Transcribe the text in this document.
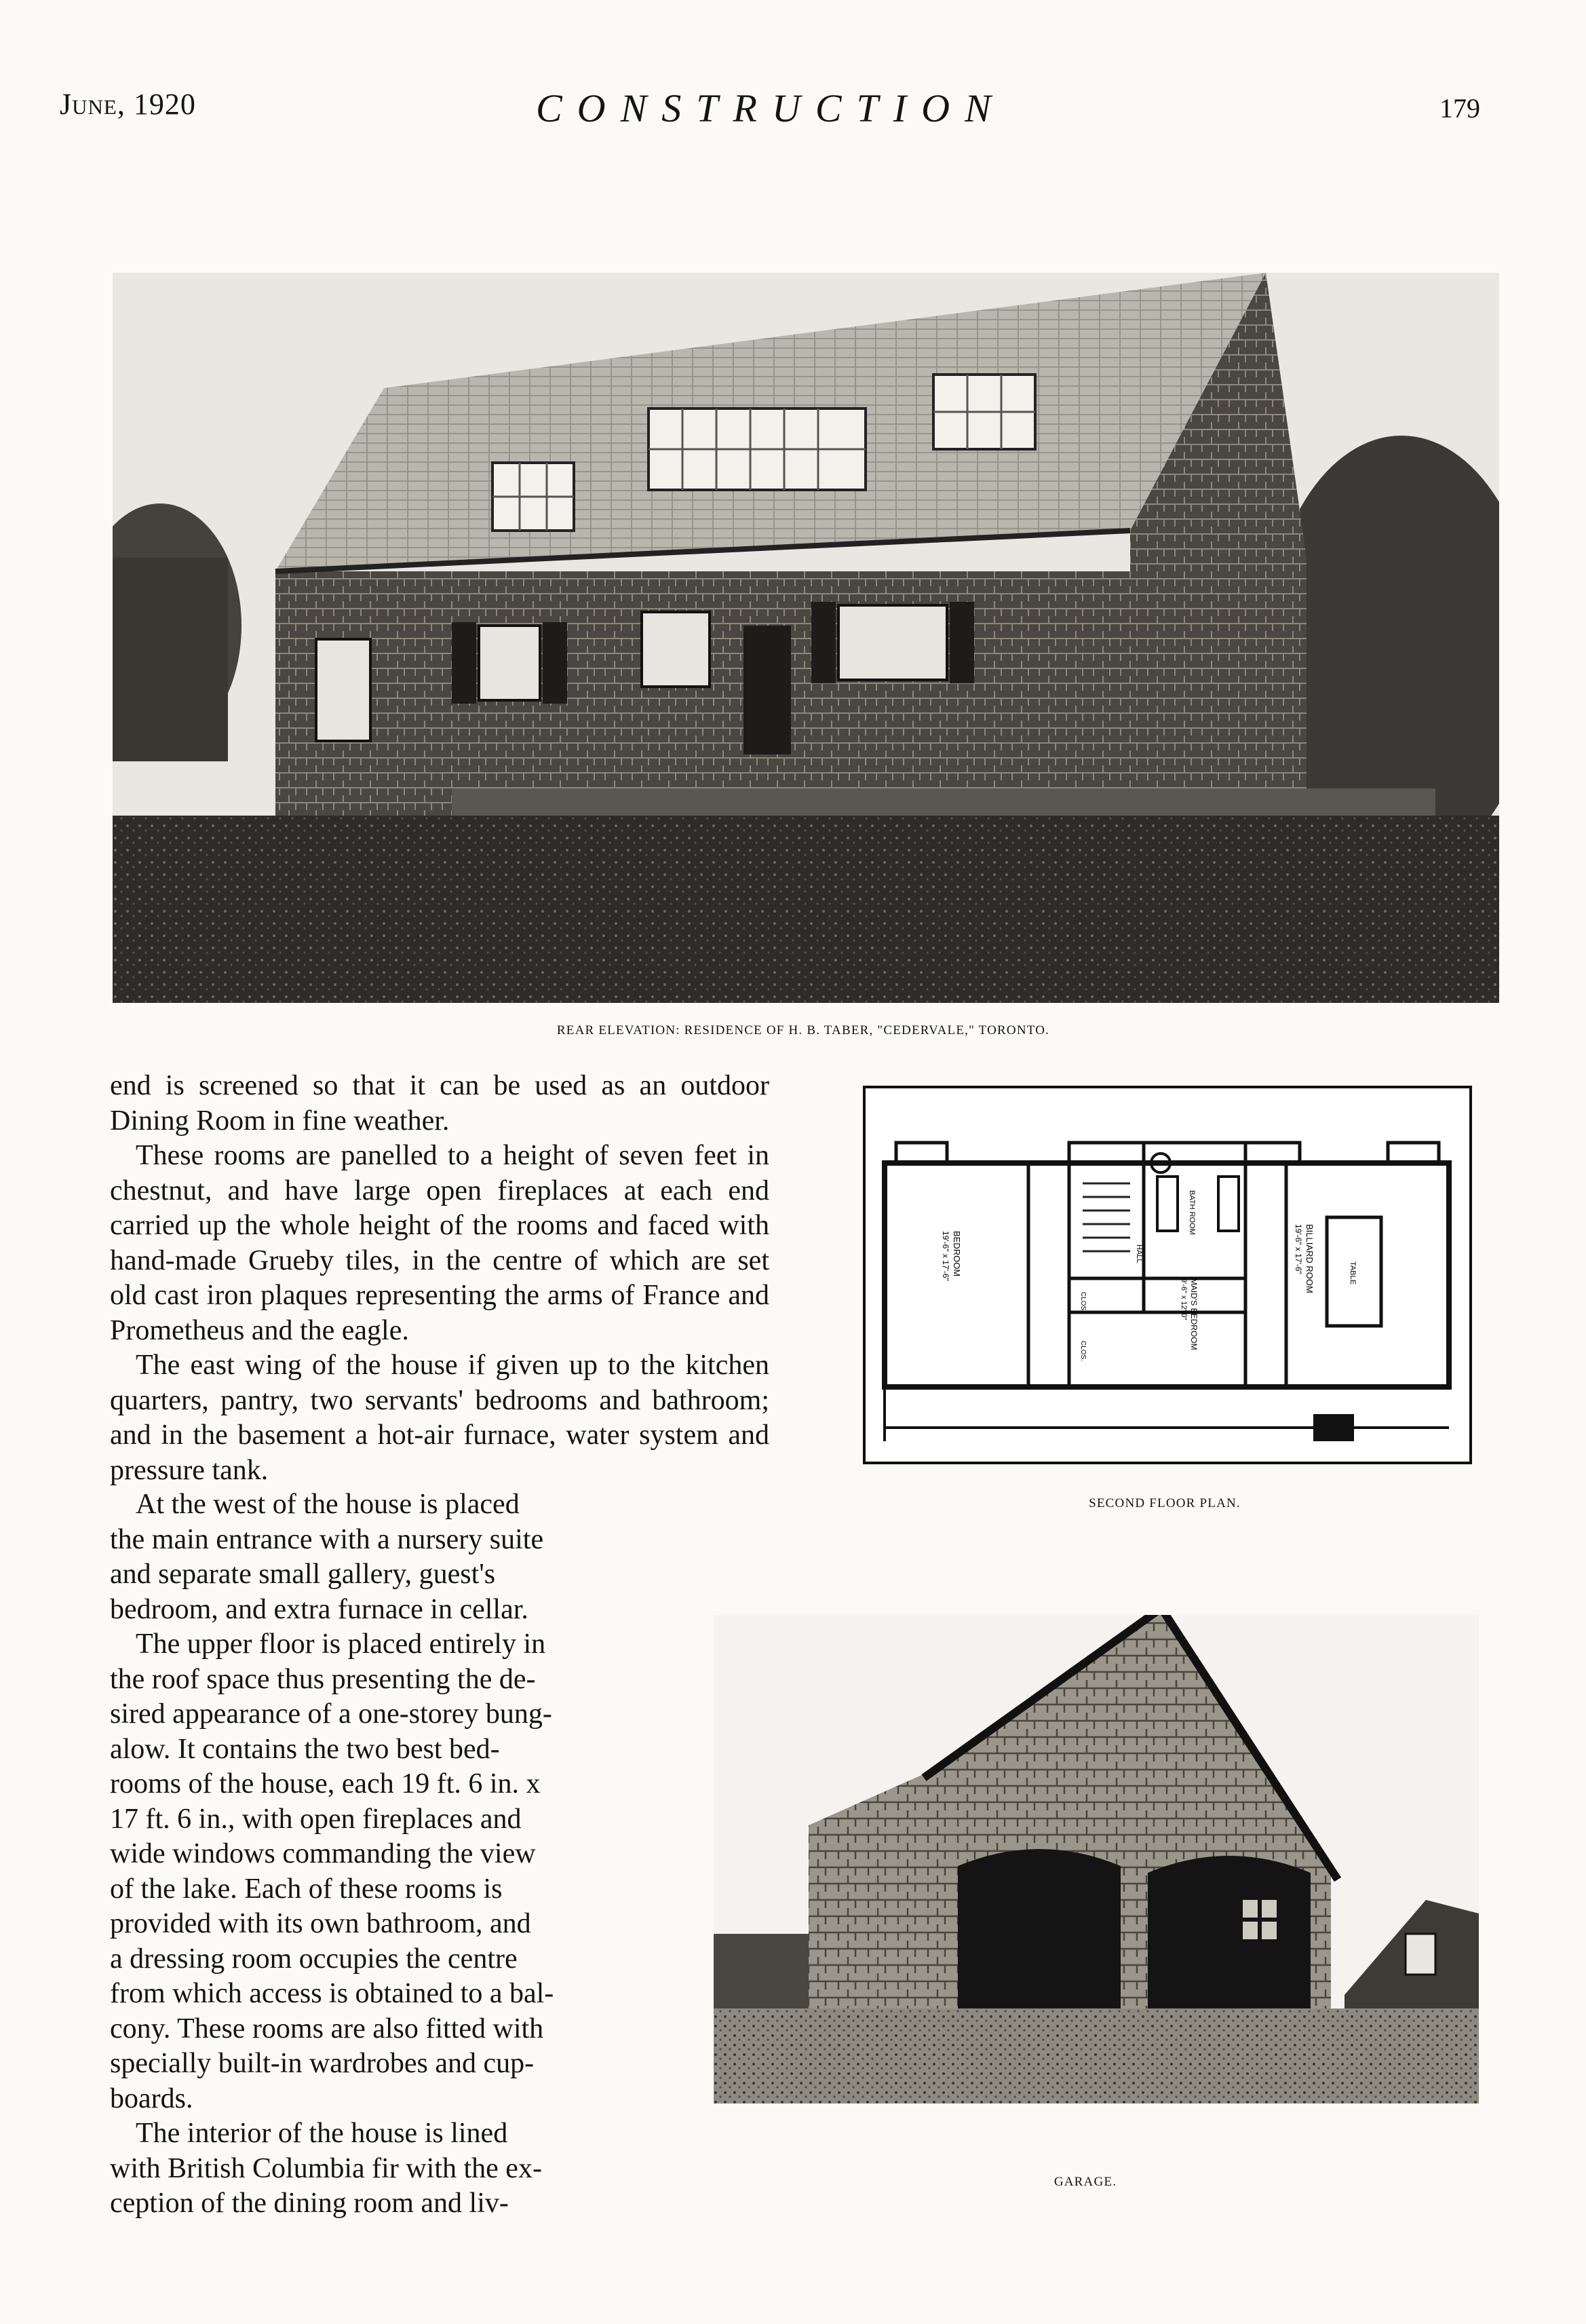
June, 1920	CONSTRUCTION	179
REAR ELEVATION: RESIDENCE OF H. B. TABER, "CEDERVALE," TORONTO.

end is screened so that it can be used as an outdoor Dining Room in fine weather.

These rooms are panelled to a height of seven feet in chestnut, and have large open fireplaces at each end carried up the whole height of the rooms and faced with hand-made Grueby tiles, in the centre of which are set old cast iron plaques representing the arms of France and Prometheus and the eagle.

The east wing of the house if given up to the kitchen quarters, pantry, two servants' bedrooms and bathroom; and in the basement a hot-air furnace, water system and pressure tank.

At the west of the house is placed
the main entrance with a nursery suite
and separate small gallery, guest's
bedroom, and extra furnace in cellar.
The upper floor is placed entirely in
the roof space thus presenting the de-
sired appearance of a one-storey bung-
alow. It contains the two best bed-
rooms of the house, each 19 ft. 6 in. x
17 ft. 6 in., with open fireplaces and
wide windows commanding the view
of the lake. Each of these rooms is
provided with its own bathroom, and
a dressing room occupies the centre
from which access is obtained to a bal-
cony. These rooms are also fitted with
specially built-in wardrobes and cup-
boards.
The interior of the house is lined
with British Columbia fir with the ex-
ception of the dining room and liv-
BEDROOM
19'-6" x 17'-6"
MAID'S BEDROOM
9'-6" x 12'-0"
BILLIARD ROOM
19'-6" x 17'-6"
BATH ROOM
TABLE
HALL
CLOS.
CLOS.
SECOND FLOOR PLAN.
GARAGE.
